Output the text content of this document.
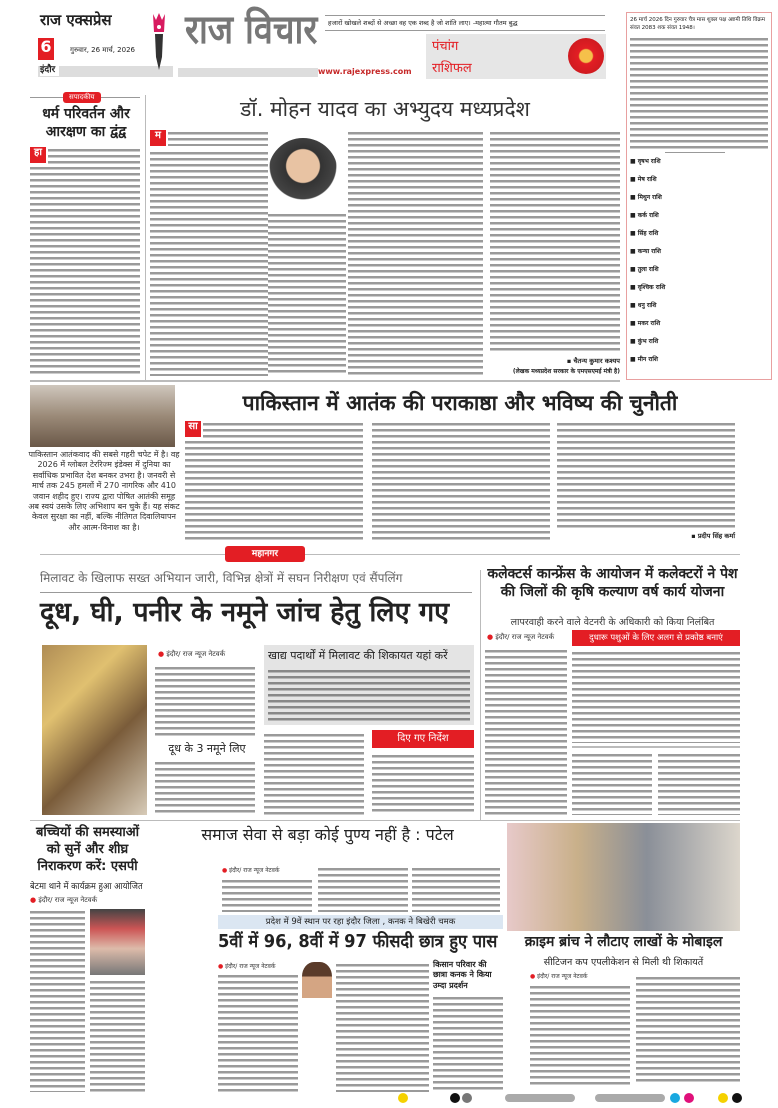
राज एक्सप्रेस
6	गुरुवार, 26 मार्च, 2026
इंदौर
राज विचार	हजारों खोखले शब्दों से अच्छा वह एक शब्द है जो शांति लाए। -महात्मा गौतम बुद्ध
www.rajexpress.com
पंचांग
राशिफल
26 मार्च 2026 दिन गुरुवार चैत्र मास शुक्ल पक्ष अष्टमी तिथि विक्रम संवत 2083 शक संवत 1948।
■ वृषभ राशि
■ मेष राशि
■ मिथुन राशि
■ कर्क राशि
■ सिंह राशि
■ कन्या राशि
■ तुला राशि
■ वृश्चिक राशि
■ धनु राशि
■ मकर राशि
■ कुंभ राशि
■ मीन राशि
सपादकीय
धर्म परिवर्तन और आरक्षण का द्वंद्व
हा
डॉ. मोहन यादव का अभ्युदय मध्यप्रदेश
म
▪ चैतन्य कुमार कश्यप
(लेखक मध्यप्रदेश सरकार के एमएसएमई मंत्री है)
पाकिस्तान आतंकवाद की सबसे गहरी चपेट में है। वह 2026 में ग्लोबल टेररिज्म इंडेक्स में दुनिया का सर्वाधिक प्रभावित देश बनकर उभरा है। जनवरी से मार्च तक 245 हमलों में 270 नागरिक और 410 जवान शहीद हुए। राज्य द्वारा पोषित आतंकी समूह अब स्वयं उसके लिए अभिशाप बन चुके हैं। यह संकट केवल सुरक्षा का नहीं, बल्कि नीतिगत दिवालियापन और आत्म-विनाश का है।
पाकिस्तान में आतंक की पराकाष्ठा और भविष्य की चुनौती
सा
▪ प्रदीप सिंह कर्मा
महानगर
मिलावट के खिलाफ सख्त अभियान जारी, विभिन्न क्षेत्रों में सघन निरीक्षण एवं सैंपलिंग
दूध, घी, पनीर के नमूने जांच हेतु लिए गए
● इंदौर/ राज न्यूज नेटवर्क
दूध के 3 नमूने लिए
खाद्य पदार्थों में मिलावट की शिकायत यहां करें
दिए गए निर्देश
कलेक्टर्स कान्फ्रेंस के आयोजन में कलेक्टरों ने पेश की जिलों की कृषि कल्याण वर्ष कार्य योजना
लापरवाही करने वाले वेटनरी के अधिकारी को किया निलंबित
● इंदौर/ राज न्यूज नेटवर्क	दुधारू पशुओं के लिए अलग से प्रकोष्ठ बनाएं
बच्चियों की समस्याओं को सुनें और शीघ्र निराकरण करें: एसपी
बेटमा थाने में कार्यक्रम हुआ आयोजित
● इंदौर/ राज न्यूज नेटवर्क
समाज सेवा से बड़ा कोई पुण्य नहीं है : पटेल
● इंदौर/ राज न्यूज नेटवर्क
प्रदेश में 9वें स्थान पर रहा इंदौर जिला , कनक ने बिखेरी चमक
5वीं में 96, 8वीं में 97 फीसदी छात्र हुए पास
● इंदौर/ राज न्यूज नेटवर्क	किसान परिवार की छात्रा कनक ने किया उम्दा प्रदर्शन
क्राइम ब्रांच ने लौटाए लाखों के मोबाइल
सीटिजन कप एपलीकेशन से मिली थी शिकायतें
● इंदौर/ राज न्यूज नेटवर्क
